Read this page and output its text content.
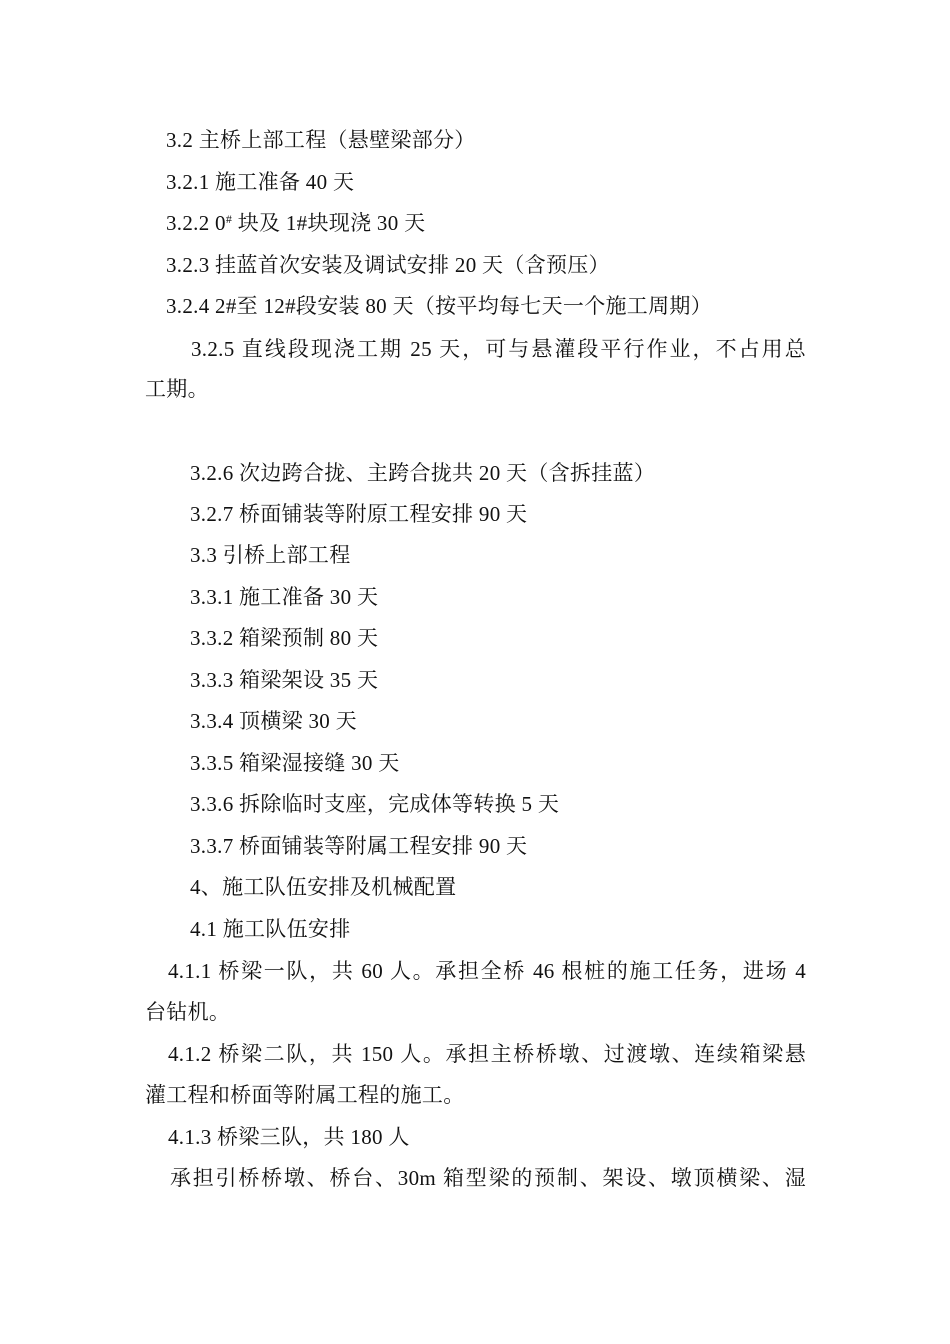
3.2 主桥上部工程（悬壁梁部分）
3.2.1 施工准备 40 天
3.2.2 0# 块及 1#块现浇 30 天
3.2.3 挂蓝首次安装及调试安排 20 天（含预压）
3.2.4 2#至 12#段安装 80 天（按平均每七天一个施工周期）
3.2.5 直线段现浇工期 25 天，可与悬灌段平行作业，不占用总
工期。
3.2.6 次边跨合拢、主跨合拢共 20 天（含拆挂蓝）
3.2.7 桥面铺装等附原工程安排 90 天
3.3 引桥上部工程
3.3.1 施工准备 30 天
3.3.2 箱梁预制 80 天
3.3.3 箱梁架设 35 天
3.3.4 顶横梁 30 天
3.3.5 箱梁湿接缝 30 天
3.3.6 拆除临时支座，完成体等转换 5 天
3.3.7 桥面铺装等附属工程安排 90 天
4、施工队伍安排及机械配置
4.1 施工队伍安排
4.1.1 桥梁一队，共 60 人。承担全桥 46 根桩的施工任务，进场 4
台钻机。
4.1.2 桥梁二队，共 150 人。承担主桥桥墩、过渡墩、连续箱梁悬
灌工程和桥面等附属工程的施工。
4.1.3 桥梁三队，共 180 人
承担引桥桥墩、桥台、30m 箱型梁的预制、架设、墩顶横梁、湿
